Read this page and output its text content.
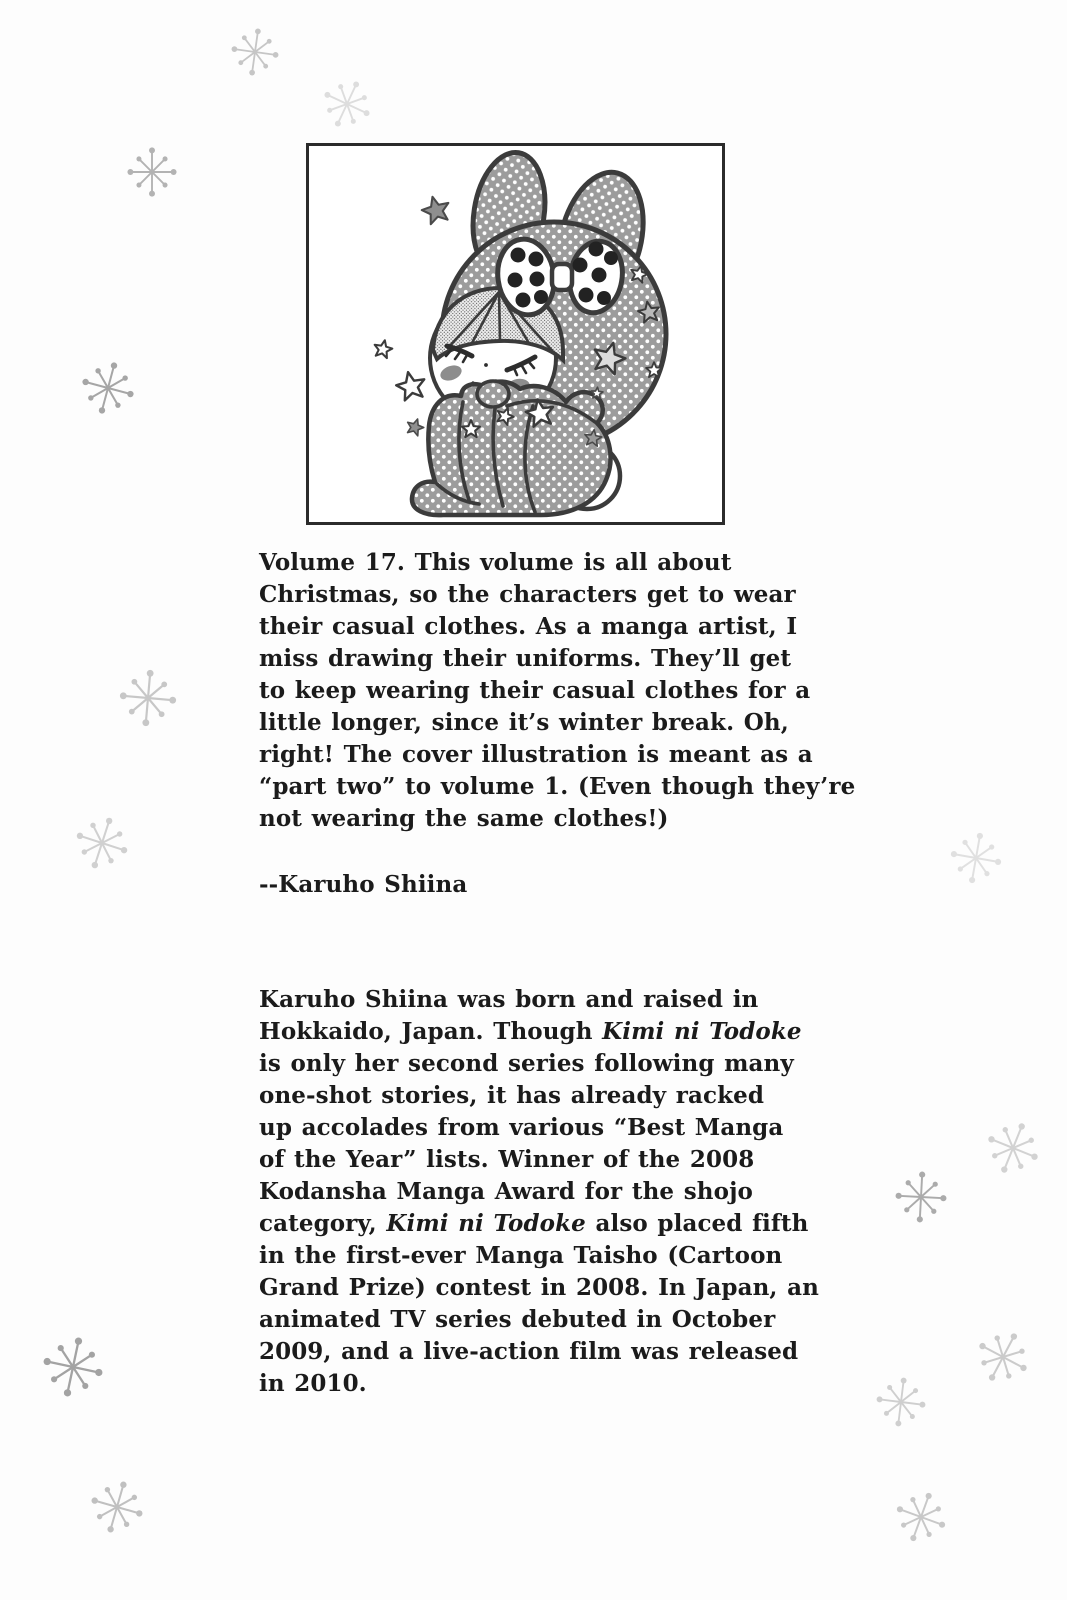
Volume 17. This volume is all about
Christmas, so the characters get to wear
their casual clothes. As a manga artist, I
miss drawing their uniforms. They’ll get
to keep wearing their casual clothes for a
little longer, since it’s winter break. Oh,
right! The cover illustration is meant as a
“part two” to volume 1. (Even though they’re
not wearing the same clothes!)
--Karuho Shiina
Karuho Shiina was born and raised in
Hokkaido, Japan. Though Kimi ni Todoke
is only her second series following many
one-shot stories, it has already racked
up accolades from various “Best Manga
of the Year” lists. Winner of the 2008
Kodansha Manga Award for the shojo
category, Kimi ni Todoke also placed fifth
in the first-ever Manga Taisho (Cartoon
Grand Prize) contest in 2008. In Japan, an
animated TV series debuted in October
2009, and a live-action film was released
in 2010.
